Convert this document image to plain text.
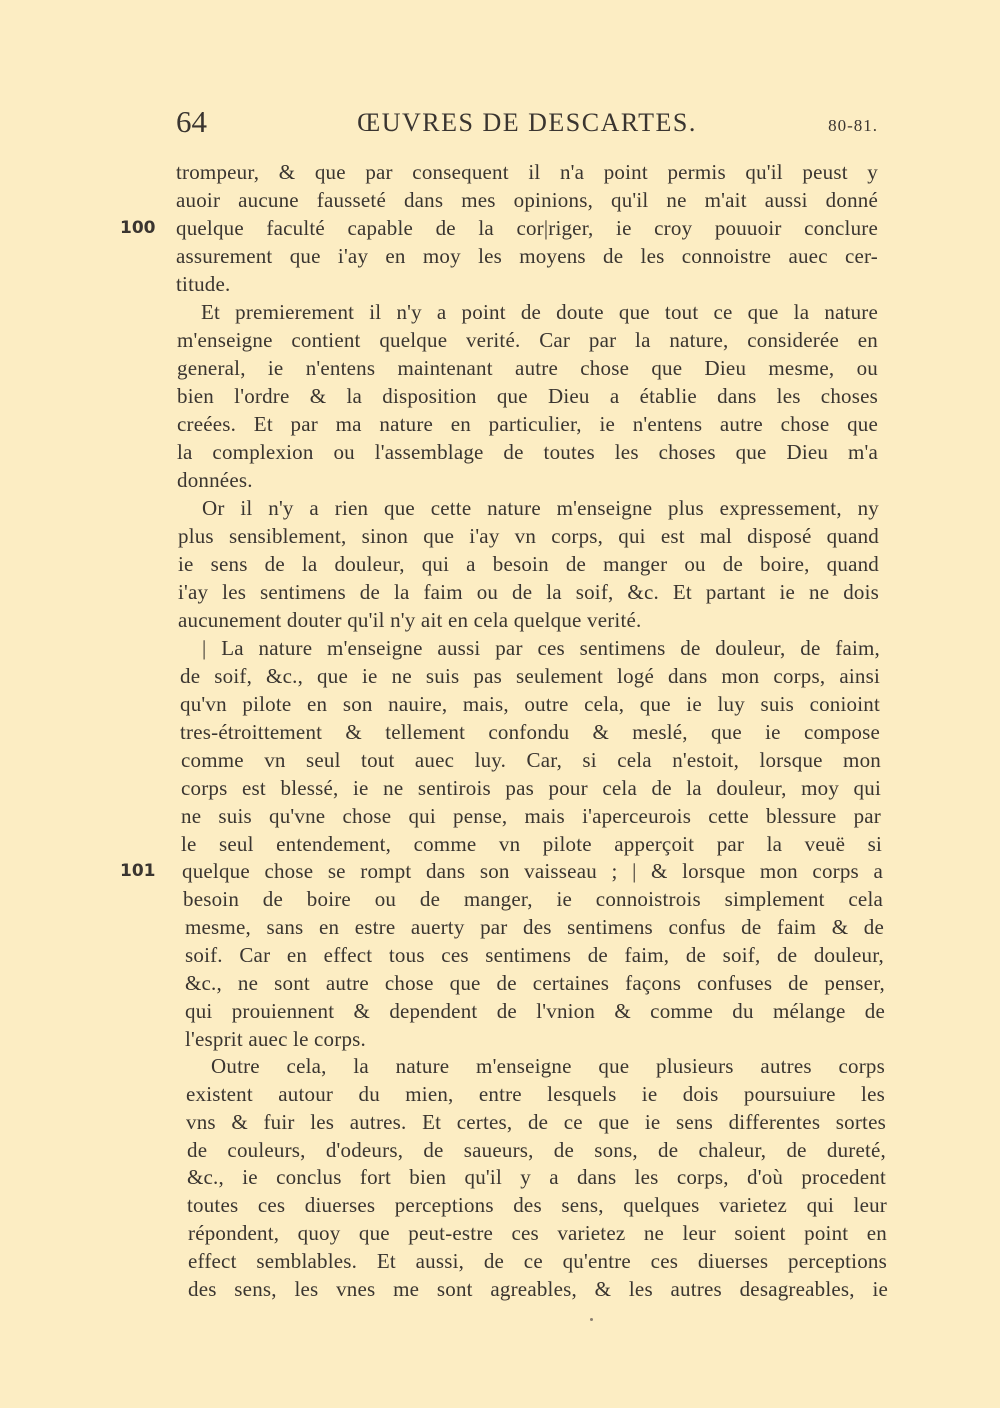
64	ŒUVRES DE DESCARTES.	80-81.
100
101

trompeur, & que par consequent il n'a point permis qu'il peust y

auoir aucune fausseté dans mes opinions, qu'il ne m'ait aussi donné

quelque faculté capable de la cor|riger, ie croy pouuoir conclure

assurement que i'ay en moy les moyens de les connoistre auec cer-

titude.

Et premierement il n'y a point de doute que tout ce que la nature

m'enseigne contient quelque verité. Car par la nature, considerée en

general, ie n'entens maintenant autre chose que Dieu mesme, ou

bien l'ordre & la disposition que Dieu a établie dans les choses

creées. Et par ma nature en particulier, ie n'entens autre chose que

la complexion ou l'assemblage de toutes les choses que Dieu m'a

données.

Or il n'y a rien que cette nature m'enseigne plus expressement, ny

plus sensiblement, sinon que i'ay vn corps, qui est mal disposé quand

ie sens de la douleur, qui a besoin de manger ou de boire, quand

i'ay les sentimens de la faim ou de la soif, &c. Et partant ie ne dois

aucunement douter qu'il n'y ait en cela quelque verité.

| La nature m'enseigne aussi par ces sentimens de douleur, de faim,

de soif, &c., que ie ne suis pas seulement logé dans mon corps, ainsi

qu'vn pilote en son nauire, mais, outre cela, que ie luy suis conioint

tres-étroittement & tellement confondu & meslé, que ie compose

comme vn seul tout auec luy. Car, si cela n'estoit, lorsque mon

corps est blessé, ie ne sentirois pas pour cela de la douleur, moy qui

ne suis qu'vne chose qui pense, mais i'aperceurois cette blessure par

le seul entendement, comme vn pilote apperçoit par la veuë si

quelque chose se rompt dans son vaisseau ; | & lorsque mon corps a

besoin de boire ou de manger, ie connoistrois simplement cela

mesme, sans en estre auerty par des sentimens confus de faim & de

soif. Car en effect tous ces sentimens de faim, de soif, de douleur,

&c., ne sont autre chose que de certaines façons confuses de penser,

qui prouiennent & dependent de l'vnion & comme du mélange de

l'esprit auec le corps.

Outre cela, la nature m'enseigne que plusieurs autres corps

existent autour du mien, entre lesquels ie dois poursuiure les

vns & fuir les autres. Et certes, de ce que ie sens differentes sortes

de couleurs, d'odeurs, de saueurs, de sons, de chaleur, de dureté,

&c., ie conclus fort bien qu'il y a dans les corps, d'où procedent

toutes ces diuerses perceptions des sens, quelques varietez qui leur

répondent, quoy que peut-estre ces varietez ne leur soient point en

effect semblables. Et aussi, de ce qu'entre ces diuerses perceptions

des sens, les vnes me sont agreables, & les autres desagreables, ie
